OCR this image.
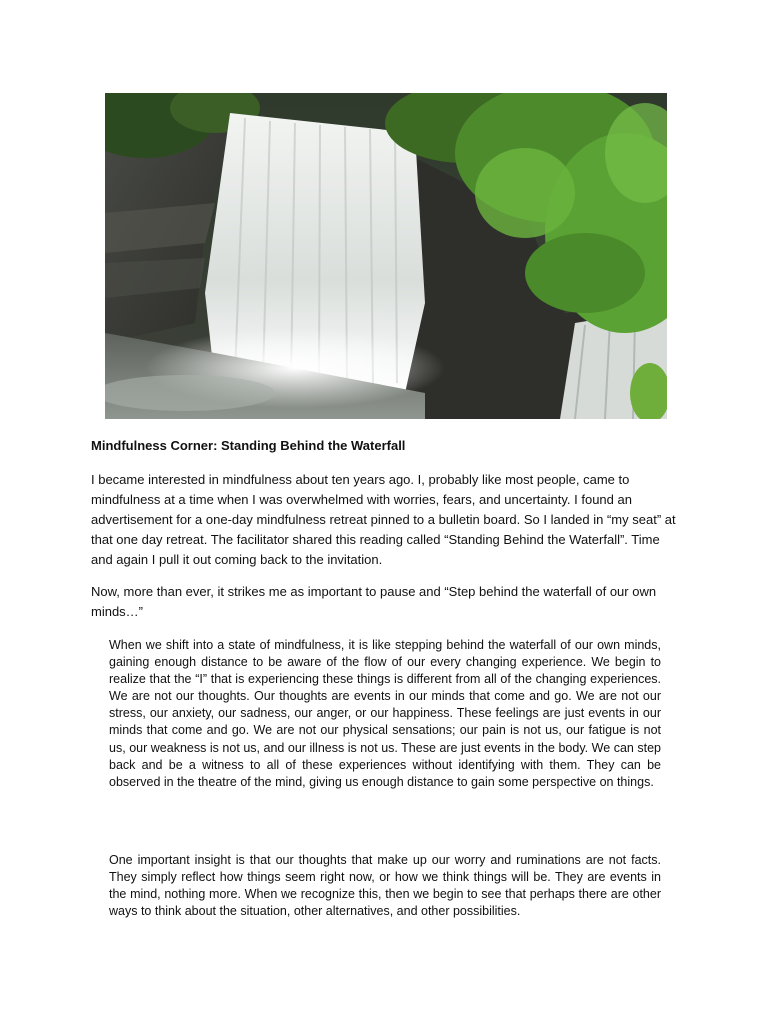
Mindfulness Corner: Standing Behind the Waterfall

I became interested in mindfulness about ten years ago. I, probably like most people, came to mindfulness at a time when I was overwhelmed with worries, fears, and uncertainty. I found an advertisement for a one-day mindfulness retreat pinned to a bulletin board. So I landed in “my seat” at that one day retreat. The facilitator shared this reading called “Standing Behind the Waterfall”. Time and again I pull it out coming back to the invitation.

Now, more than ever, it strikes me as important to pause and “Step behind the waterfall of our own minds…”

When we shift into a state of mindfulness, it is like stepping behind the waterfall of our own minds, gaining enough distance to be aware of the flow of our every changing experience. We begin to realize that the “I” that is experiencing these things is different from all of the changing experiences. We are not our thoughts. Our thoughts are events in our minds that come and go. We are not our stress, our anxiety, our sadness, our anger, or our happiness. These feelings are just events in our minds that come and go. We are not our physical sensations; our pain is not us, our fatigue is not us, our weakness is not us, and our illness is not us. These are just events in the body. We can step back and be a witness to all of these experiences without identifying with them. They can be observed in the theatre of the mind, giving us enough distance to gain some perspective on things.

One important insight is that our thoughts that make up our worry and ruminations are not facts. They simply reflect how things seem right now, or how we think things will be. They are events in the mind, nothing more. When we recognize this, then we begin to see that perhaps there are other ways to think about the situation, other alternatives, and other possibilities.
